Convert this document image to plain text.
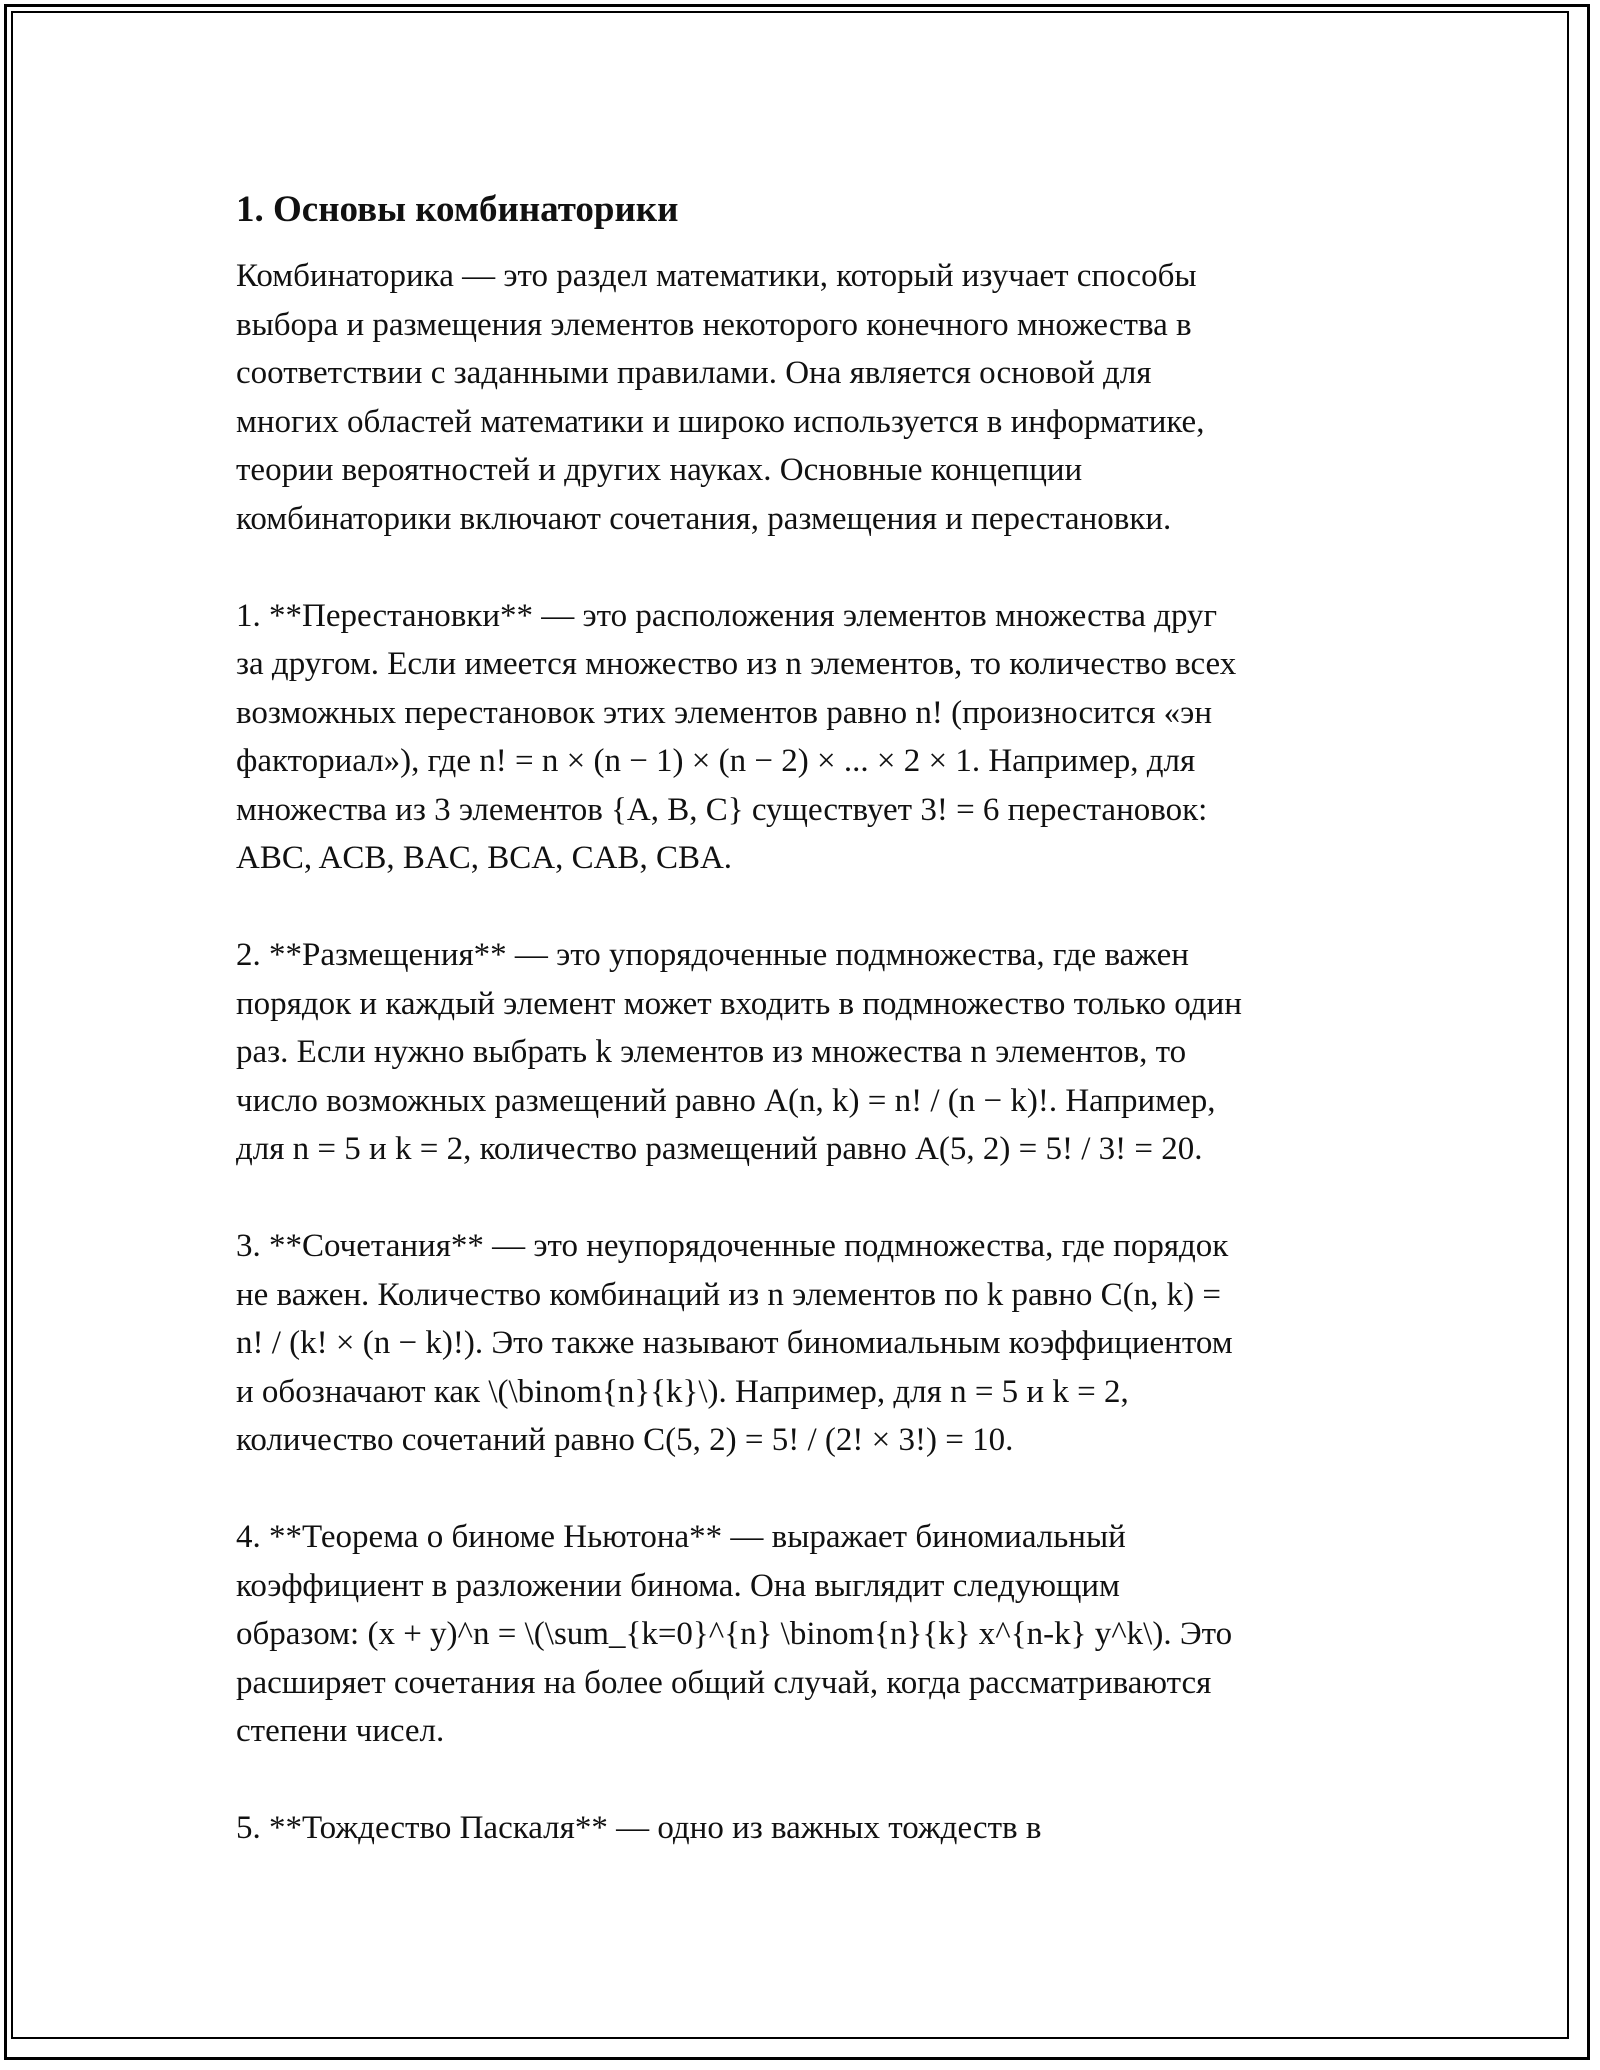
1. Основы комбинаторики

Комбинаторика — это раздел математики, который изучает способы
выбора и размещения элементов некоторого конечного множества в
соответствии с заданными правилами. Она является основой для
многих областей математики и широко используется в информатике,
теории вероятностей и других науках. Основные концепции
комбинаторики включают сочетания, размещения и перестановки.

1. **Перестановки** — это расположения элементов множества друг
за другом. Если имеется множество из n элементов, то количество всех
возможных перестановок этих элементов равно n! (произносится «эн
факториал»), где n! = n × (n − 1) × (n − 2) × ... × 2 × 1. Например, для
множества из 3 элементов {A, B, C} существует 3! = 6 перестановок:
ABC, ACB, BAC, BCA, CAB, CBA.

2. **Размещения** — это упорядоченные подмножества, где важен
порядок и каждый элемент может входить в подмножество только один
раз. Если нужно выбрать k элементов из множества n элементов, то
число возможных размещений равно A(n, k) = n! / (n − k)!. Например,
для n = 5 и k = 2, количество размещений равно A(5, 2) = 5! / 3! = 20.

3. **Сочетания** — это неупорядоченные подмножества, где порядок
не важен. Количество комбинаций из n элементов по k равно C(n, k) =
n! / (k! × (n − k)!). Это также называют биномиальным коэффициентом
и обозначают как \(\binom{n}{k}\). Например, для n = 5 и k = 2,
количество сочетаний равно C(5, 2) = 5! / (2! × 3!) = 10.

4. **Теорема о биноме Ньютона** — выражает биномиальный
коэффициент в разложении бинома. Она выглядит следующим
образом: (x + y)^n = \(\sum_{k=0}^{n} \binom{n}{k} x^{n-k} y^k\). Это
расширяет сочетания на более общий случай, когда рассматриваются
степени чисел.

5. **Тождество Паскаля** — одно из важных тождеств в
